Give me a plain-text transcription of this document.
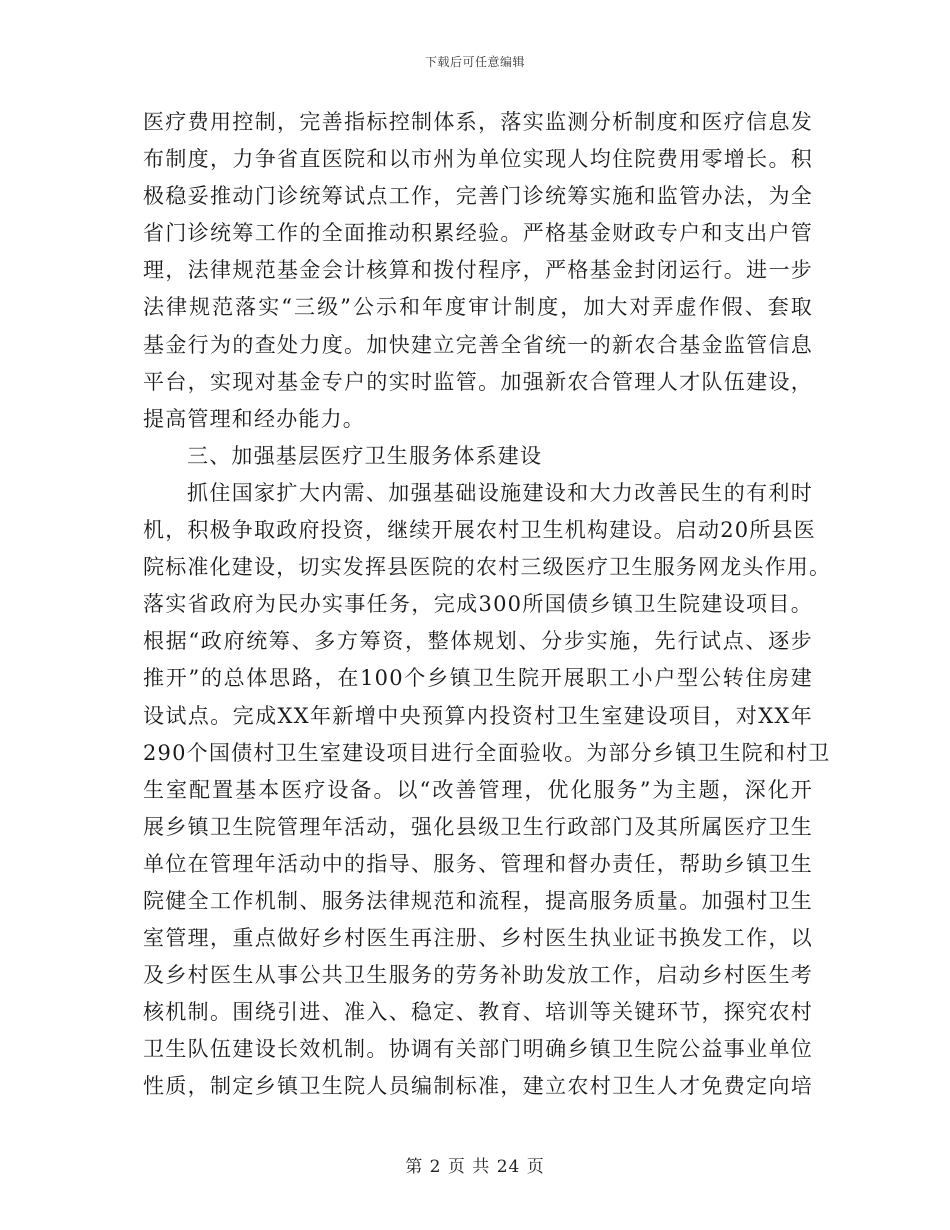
下载后可任意编辑
医疗费用控制，完善指标控制体系，落实监测分析制度和医疗信息发
布制度，力争省直医院和以市州为单位实现人均住院费用零增长。积
极稳妥推动门诊统筹试点工作，完善门诊统筹实施和监管办法，为全
省门诊统筹工作的全面推动积累经验。严格基金财政专户和支出户管
理，法律规范基金会计核算和拨付程序，严格基金封闭运行。进一步
法律规范落实“三级”公示和年度审计制度，加大对弄虚作假、套取
基金行为的查处力度。加快建立完善全省统一的新农合基金监管信息
平台，实现对基金专户的实时监管。加强新农合管理人才队伍建设，
提高管理和经办能力。
三、加强基层医疗卫生服务体系建设
抓住国家扩大内需、加强基础设施建设和大力改善民生的有利时
机，积极争取政府投资，继续开展农村卫生机构建设。启动20所县医
院标准化建设，切实发挥县医院的农村三级医疗卫生服务网龙头作用。
落实省政府为民办实事任务，完成300所国债乡镇卫生院建设项目。
根据“政府统筹、多方筹资，整体规划、分步实施，先行试点、逐步
推开”的总体思路，在100个乡镇卫生院开展职工小户型公转住房建
设试点。完成XX年新增中央预算内投资村卫生室建设项目，对XX年
290个国债村卫生室建设项目进行全面验收。为部分乡镇卫生院和村卫
生室配置基本医疗设备。以“改善管理，优化服务”为主题，深化开
展乡镇卫生院管理年活动，强化县级卫生行政部门及其所属医疗卫生
单位在管理年活动中的指导、服务、管理和督办责任，帮助乡镇卫生
院健全工作机制、服务法律规范和流程，提高服务质量。加强村卫生
室管理，重点做好乡村医生再注册、乡村医生执业证书换发工作，以
及乡村医生从事公共卫生服务的劳务补助发放工作，启动乡村医生考
核机制。围绕引进、准入、稳定、教育、培训等关键环节，探究农村
卫生队伍建设长效机制。协调有关部门明确乡镇卫生院公益事业单位
性质，制定乡镇卫生院人员编制标准，建立农村卫生人才免费定向培
第 2 页 共 24 页
